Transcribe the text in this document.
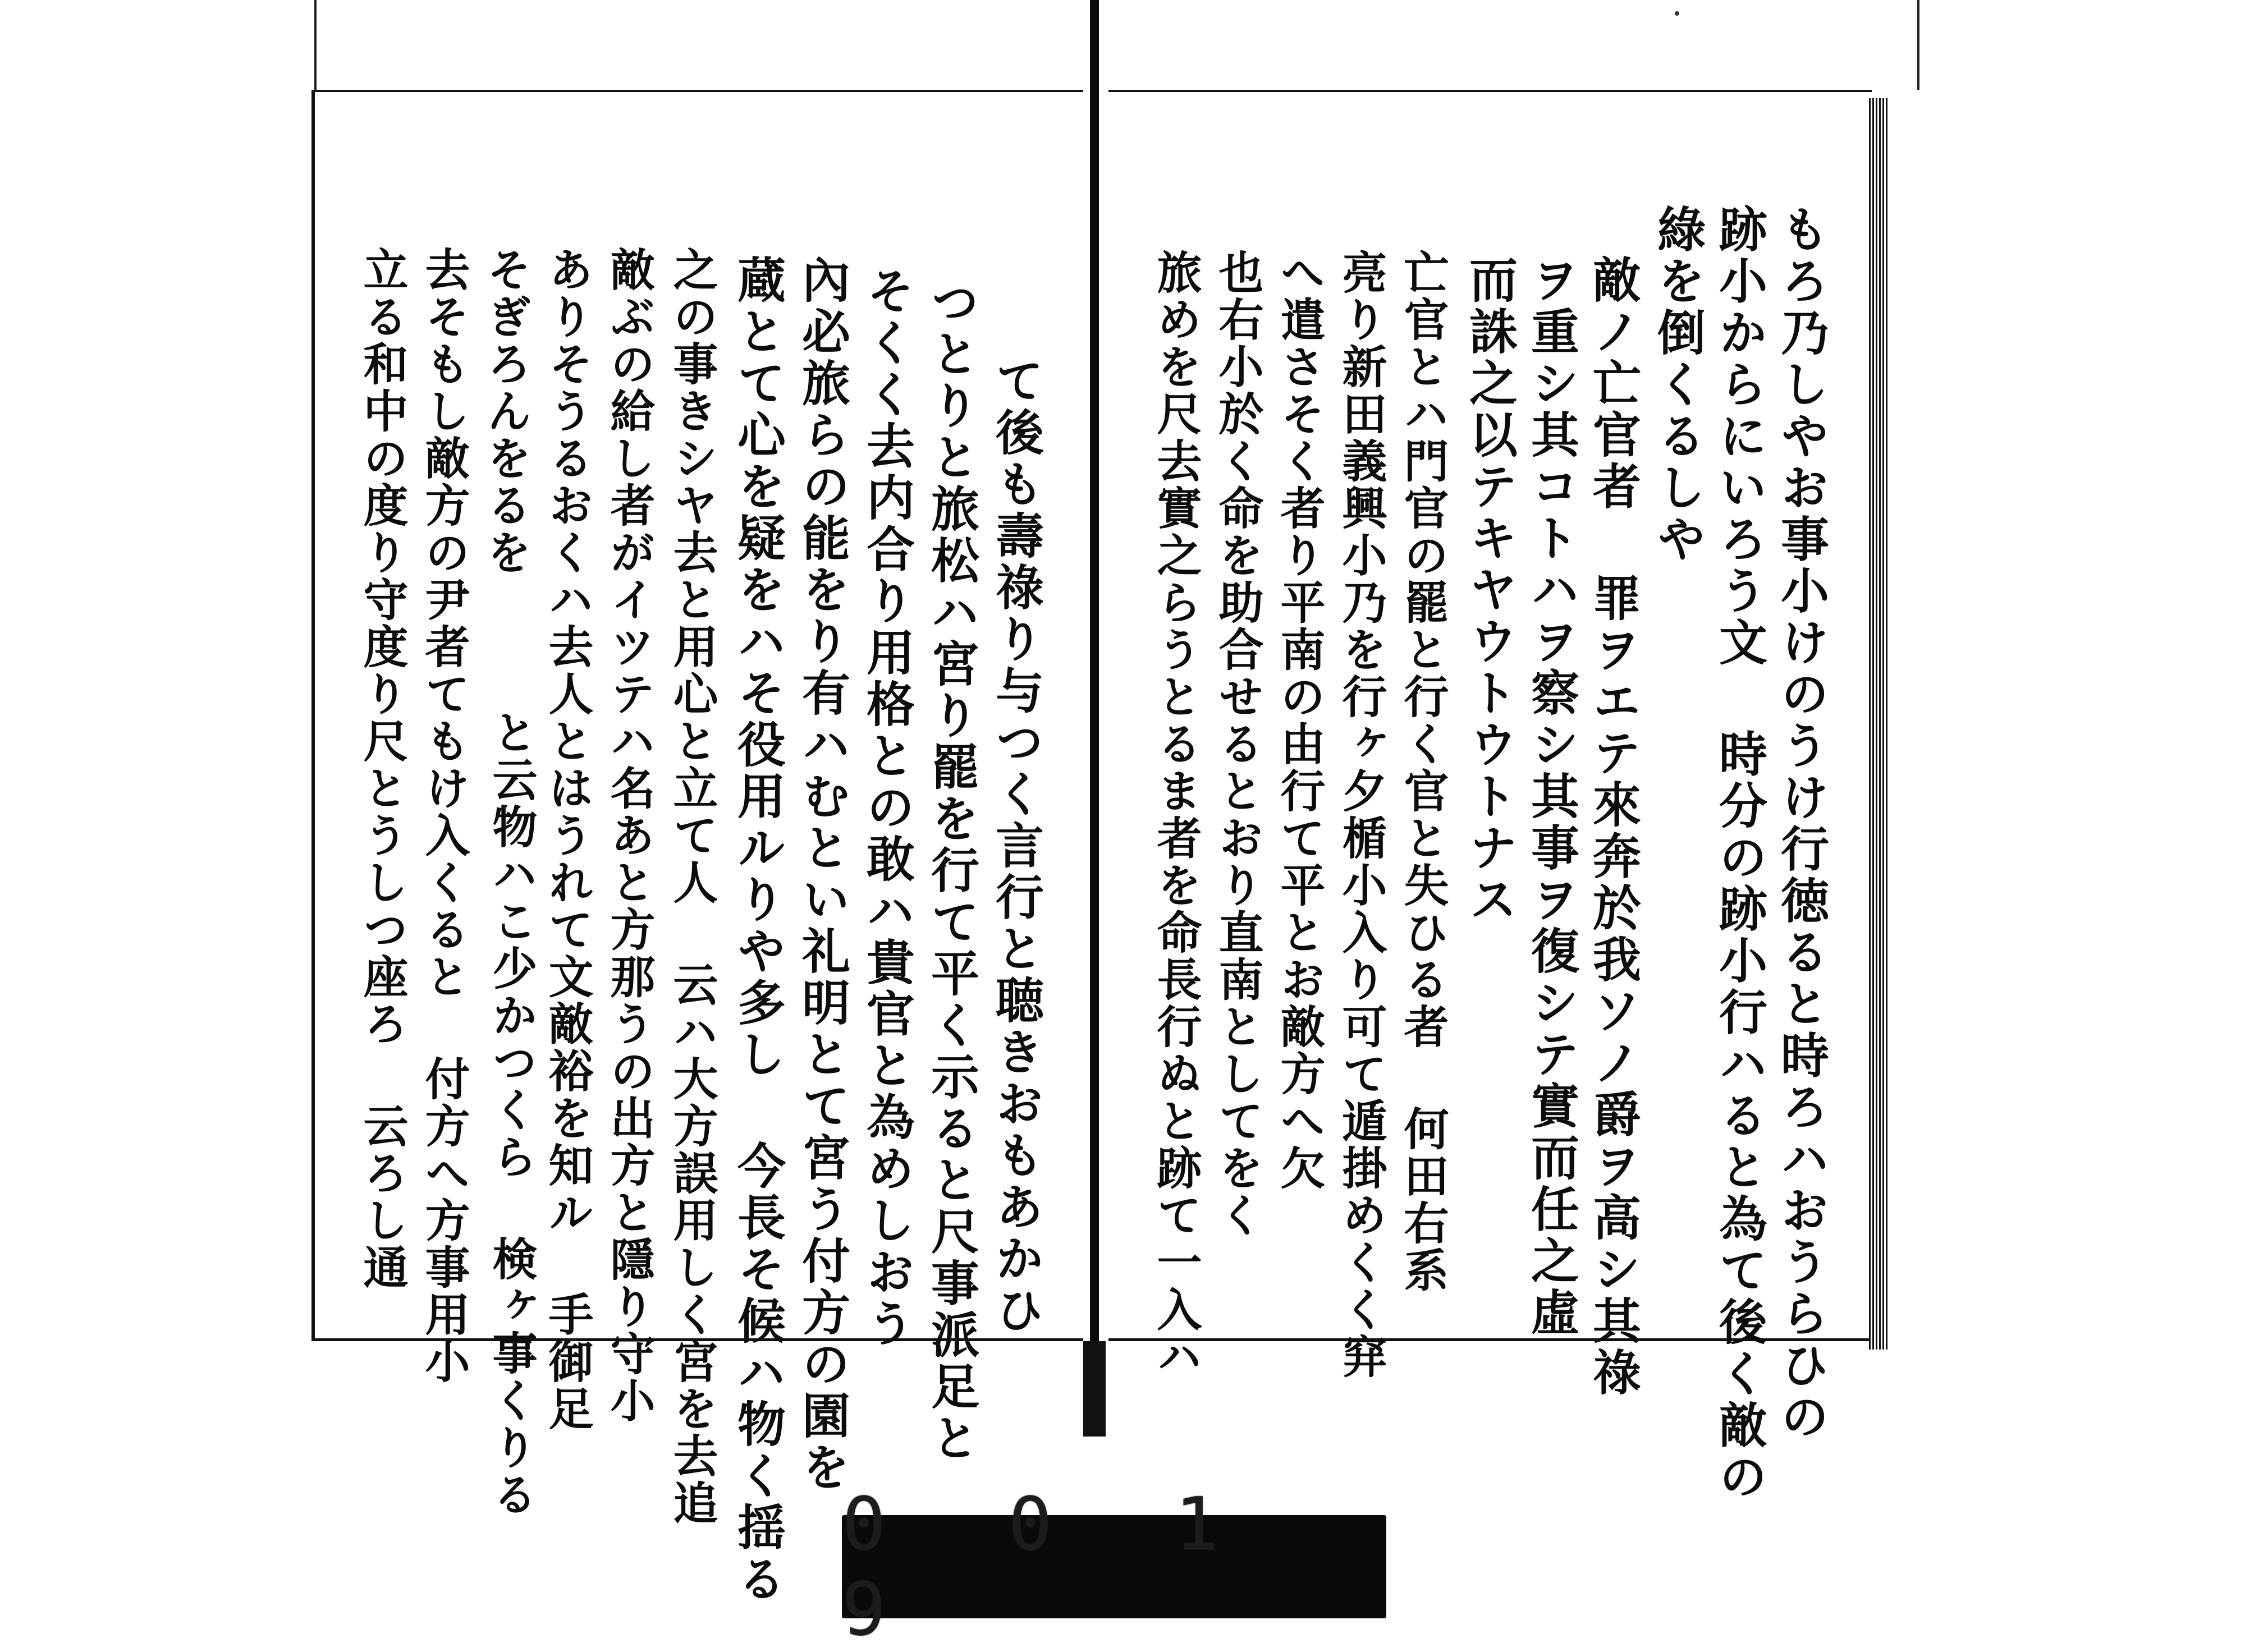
て後も壽祿り与つく言行と聴きおもあかひ
つとりと旅松ハ宮り罷を行て平く示ると尺事派足と
そくく去内合り用格との敢ハ貴官と為めしおう
內必旅らの能をり有ハむとい礼明とて宮う付方の園を
蔵とて心を疑をハそ役用ルりや多し 今長そ候ハ物く揺る
之の事きシヤ去と用心と立て人 云ハ大方誤用しく宮を去追
敵ぶの給し者がイツテハ名あと方那うの出方と隱り守小
ありそうるおくハ去人とはうれて文敵裕を知ル 手御足
そぎろんをるを
と云物ハこ少かつくら 検ヶ事くりる
去そもし敵方の尹者てもけ入くると 付方へ方事用小
立る和中の度り守度り尺とうしつ座ろ 云ろし通	もろ乃しやお事小けのうけ行徳ると時ろハおうらひの
跡小からにいろう文 時分の跡小行ハると為て後く敵の
綠を倒くるしや
敵ノ亡官者 罪ヲエテ來奔於我ソノ爵ヲ高シ其祿
ヲ重シ其コトハヲ察シ其事ヲ復シテ實而任之虛
而誅之以テキヤウトウトナス
亡官とハ門官の罷と行く官と失ひる者 何田右系
亮り新田義興小乃を行ヶ夕楯小入り可て遁掛めくく穽
へ遣さそく者り平南の由行て平とお敵方へ欠
也右小於く命を助合せるとおり直南としてをく
旅めを尺去實之らうとるま者を命長行ぬと跡て一入ハ
0 0 1 9
